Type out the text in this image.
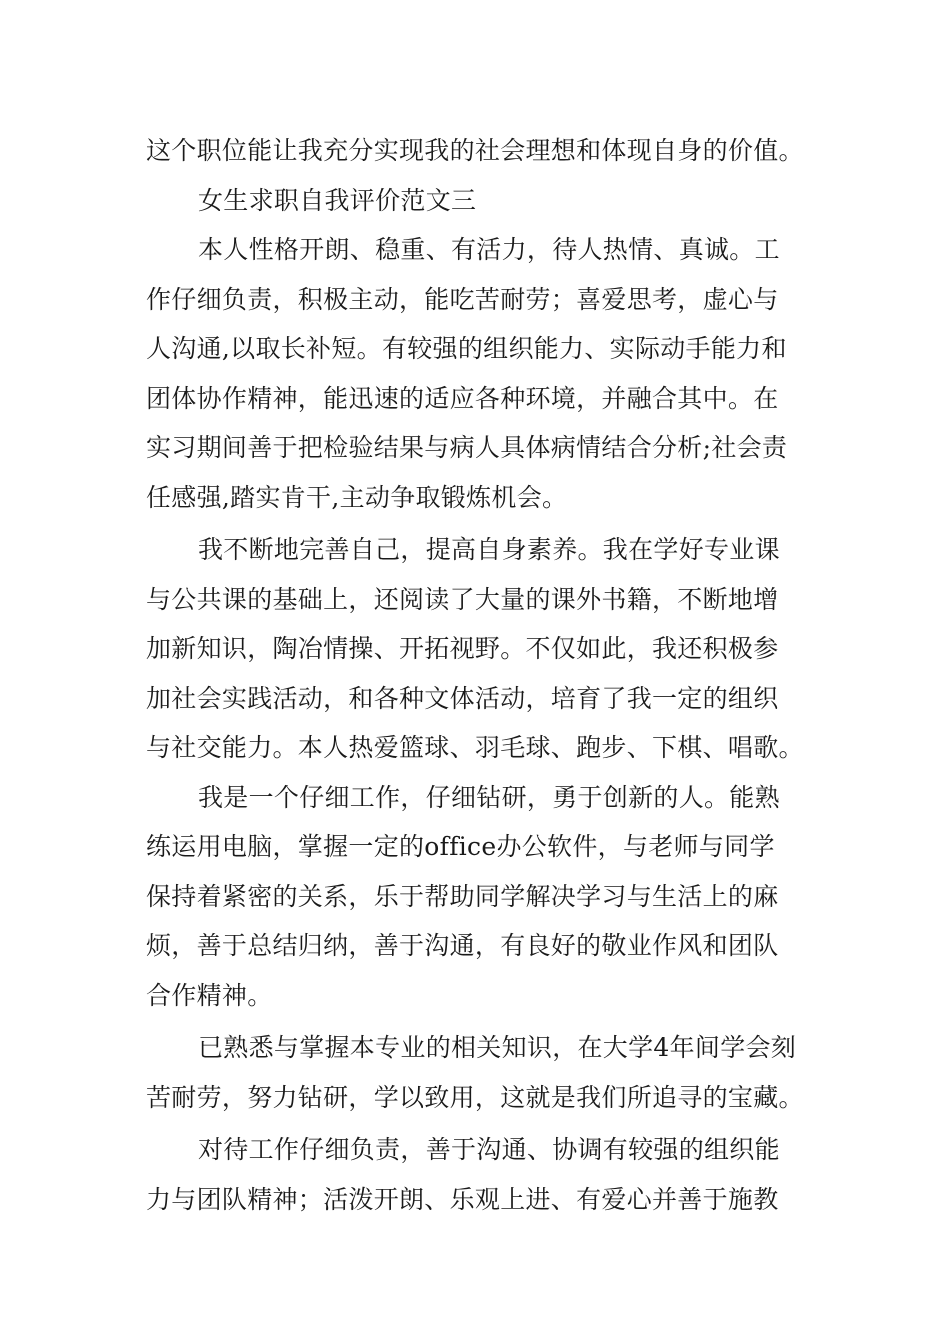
这个职位能让我充分实现我的社会理想和体现自身的价值。
女生求职自我评价范文三
本人性格开朗、稳重、有活力，待人热情、真诚。工
作仔细负责，积极主动，能吃苦耐劳；喜爱思考，虚心与
人沟通,以取长补短。有较强的组织能力、实际动手能力和
团体协作精神，能迅速的适应各种环境，并融合其中。在
实习期间善于把检验结果与病人具体病情结合分析;社会责
任感强,踏实肯干,主动争取锻炼机会。
我不断地完善自己，提高自身素养。我在学好专业课
与公共课的基础上，还阅读了大量的课外书籍，不断地增
加新知识，陶冶情操、开拓视野。不仅如此，我还积极参
加社会实践活动，和各种文体活动，培育了我一定的组织
与社交能力。本人热爱篮球、羽毛球、跑步、下棋、唱歌。
我是一个仔细工作，仔细钻研，勇于创新的人。能熟
练运用电脑，掌握一定的office办公软件，与老师与同学
保持着紧密的关系，乐于帮助同学解决学习与生活上的麻
烦，善于总结归纳，善于沟通，有良好的敬业作风和团队
合作精神。
已熟悉与掌握本专业的相关知识，在大学4年间学会刻
苦耐劳，努力钻研，学以致用，这就是我们所追寻的宝藏。
对待工作仔细负责，善于沟通、协调有较强的组织能
力与团队精神；活泼开朗、乐观上进、有爱心并善于施教
